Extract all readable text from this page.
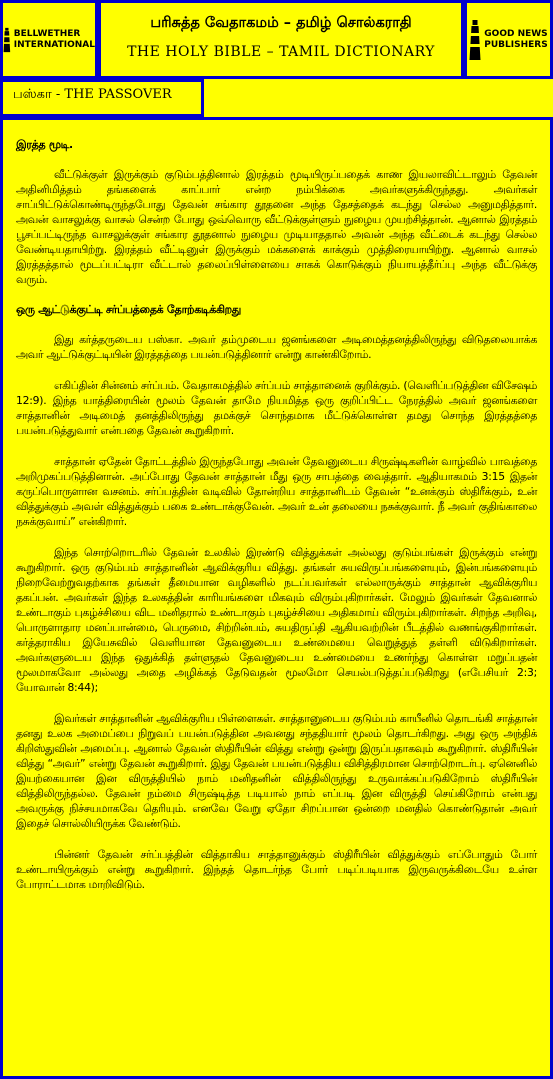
BELLWETHER
INTERNATIONAL
பரிசுத்த வேதாகமம் – தமிழ் சொல்கராதி
THE HOLY BIBLE – TAMIL DICTIONARY
GOOD NEWS
PUBLISHERS
பஸ்கா - THE PASSOVER
இரத்த மூடி.

வீட்டுக்குள் இருக்கும் குடும்பத்தினால் இரத்தம் மூடியிருப்பதைக் காண இயலாவிட்டாலும் தேவன் அதினிமித்தம் தங்களைக் காப்பார் என்ற நம்பிக்கை அவர்களுக்கிருந்தது. அவர்கள் சாப்பிட்டுக்கொண்டிருந்தபோது தேவன் சங்கார தூதனை அந்த தேசத்தைக் கடந்து செல்ல அனுமதித்தார். அவன் வாசலுக்கு வாசல் சென்ற போது ஒவ்வொரு வீட்டுக்குள்ளும் நுழைய முயற்சித்தான். ஆனால் இரத்தம் பூசப்பட்டிருந்த வாசலுக்குள் சங்கார தூதனால் நுழைய முடியாததால் அவன் அந்த வீட்டைக் கடந்து செல்ல வேண்டியதாயிற்று. இரத்தம் வீட்டினுள் இருக்கும் மக்களைக் காக்கும் முத்திரையாயிற்று. ஆனால் வாசல் இரத்தத்தால் மூடப்பட்டிரா வீட்டால் தலைப்பிள்ளையை சாகக் கொடுக்கும் நியாயத்தீர்ப்பு அந்த வீட்டுக்கு வரும்.

ஒரு ஆட்டுக்குட்டி சர்ப்பத்தைக் தோற்கடிக்கிறது

இது கர்த்தருடைய பஸ்கா. அவர் தம்முடைய ஜனங்களை அடிமைத்தனத்திலிருந்து விடுதலையாக்க அவர் ஆட்டுக்குட்டியின் இரத்தத்தை பயன்படுத்தினார் என்று காண்கிறோம்.

எகிப்தின் சின்னம் சர்ப்பம். வேதாகமத்தில் சர்ப்பம் சாத்தானைக் குறிக்கும். (வெளிப்படுத்தின விசேஷம் 12:9). இந்த யாத்திரையின் மூலம் தேவன் தாமே நியமித்த ஒரு குறிப்பிட்ட நேரத்தில் அவர் ஜனங்களை சாத்தானின் அடிமைத் தனத்திலிருந்து தமக்குச் சொந்தமாக மீட்டுக்கொள்ள தமது சொந்த இரத்தத்தை பயன்படுத்துவார் என்பதை தேவன் கூறுகிறார்.

சாத்தான் ஏதேன் தோட்டத்தில் இருந்தபோது அவன் தேவனுடைய சிருஷ்டிகளின் வாழ்வில் பாவத்தை அறிமுகப்படுத்தினான். அப்போது தேவன் சாத்தான் மீது ஒரு சாபத்தை வைத்தார். ஆதியாகமம் 3:15 இதன் கருப்பொருளான வசனம். சர்ப்பத்தின் வடிவில் தோன்றிய சாத்தானிடம் தேவன் “உனக்கும் ஸ்திரீக்கும், உன் வித்துக்கும் அவள் வித்துக்கும் பகை உண்டாக்குவேன். அவர் உன் தலையை நசுக்குவார். நீ அவர் குதிங்காலை நசுக்குவாய்” என்கிறார்.

இந்த சொற்றொடரில் தேவன் உலகில் இரண்டு வித்துக்கள் அல்லது குடும்பங்கள் இருக்கும் என்று கூறுகிறார். ஒரு குடும்பம் சாத்தானின் ஆவிக்குரிய வித்து. தங்கள் சுயவிருப்பங்களையும், இன்பங்களையும் நிறைவேற்றுவதற்காக தங்கள் தீமையான வழிகளில் நடப்பவர்கள் எல்லாருக்கும் சாத்தான் ஆவிக்குரிய தகப்பன். அவர்கள் இந்த உலகத்தின் காரியங்களை மிகவும் விரும்புகிறார்கள். மேலும் இவர்கள் தேவனால் உண்டாகும் புகழ்ச்சியை விட மனிதரால் உண்டாகும் புகழ்ச்சியை அதிகமாய் விரும்புகிறார்கள். சிறந்த அறிவு, பொருளாதார மனப்பான்மை, பெருமை, சிற்றின்பம், சுயதிருப்தி ஆகியவற்றின் பீடத்தில் வணங்குகிறார்கள். கர்த்தராகிய இயேசுவில் வெளியான தேவனுடைய உண்மையை வெறுத்துத் தள்ளி விடுகிறார்கள். அவர்களுடைய இந்த ஒதுக்கித் தள்ளுதல் தேவனுடைய உண்மையை உணர்ந்து கொள்ள மறுப்பதன் மூலமாகவோ அல்லது அதை அழிக்கத் தேடுவதன் மூலமோ செயல்படுத்தப்படுகிறது (எபேசியர் 2:3; யோவான் 8:44);

இவர்கள் சாத்தானின் ஆவிக்குரிய பிள்ளைகள். சாத்தானுடைய குடும்பம் காயீனில் தொடங்கி சாத்தான் தனது உலக அமைப்பை நிறுவப் பயன்படுத்தின அவனது சந்ததியார் மூலம் தொடர்கிறது. அது ஒரு அந்திக் கிறிஸ்துவின் அமைப்பு. ஆனால் தேவன் ஸ்திரீயின் வித்து என்று ஒன்று இருப்பதாகவும் கூறுகிறார். ஸ்திரீயின் வித்து “அவர்” என்று தேவன் கூறுகிறார். இது தேவன் பயன்படுத்திய விசித்திரமான சொற்றொடர்பு. ஏனெனில் இயற்கையான இன விருத்தியில் நாம் மனிதனின் வித்திலிருந்து உருவாக்கப்படுகிறோம் ஸ்திரீயின் வித்திலிருந்தல்ல. தேவன் நம்மை சிருஷ்டித்த படியால் நாம் எப்படி இன விருத்தி செய்கிறோம் என்பது அவருக்கு நிச்சயமாகவே தெரியும். எனவே வேறு ஏதோ சிறப்பான ஒன்றை மனதில் கொண்டுதான் அவர் இதைச் சொல்லியிருக்க வேண்டும்.

பின்னர் தேவன் சர்ப்பத்தின் வித்தாகிய சாத்தானுக்கும் ஸ்திரீயின் வித்துக்கும் எப்போதும் போர் உண்டாயிருக்கும் என்று கூறுகிறார். இந்தத் தொடர்ந்த போர் படிப்படியாக இருவருக்கிடையே உள்ள போராட்டமாக மாறிவிடும்.
